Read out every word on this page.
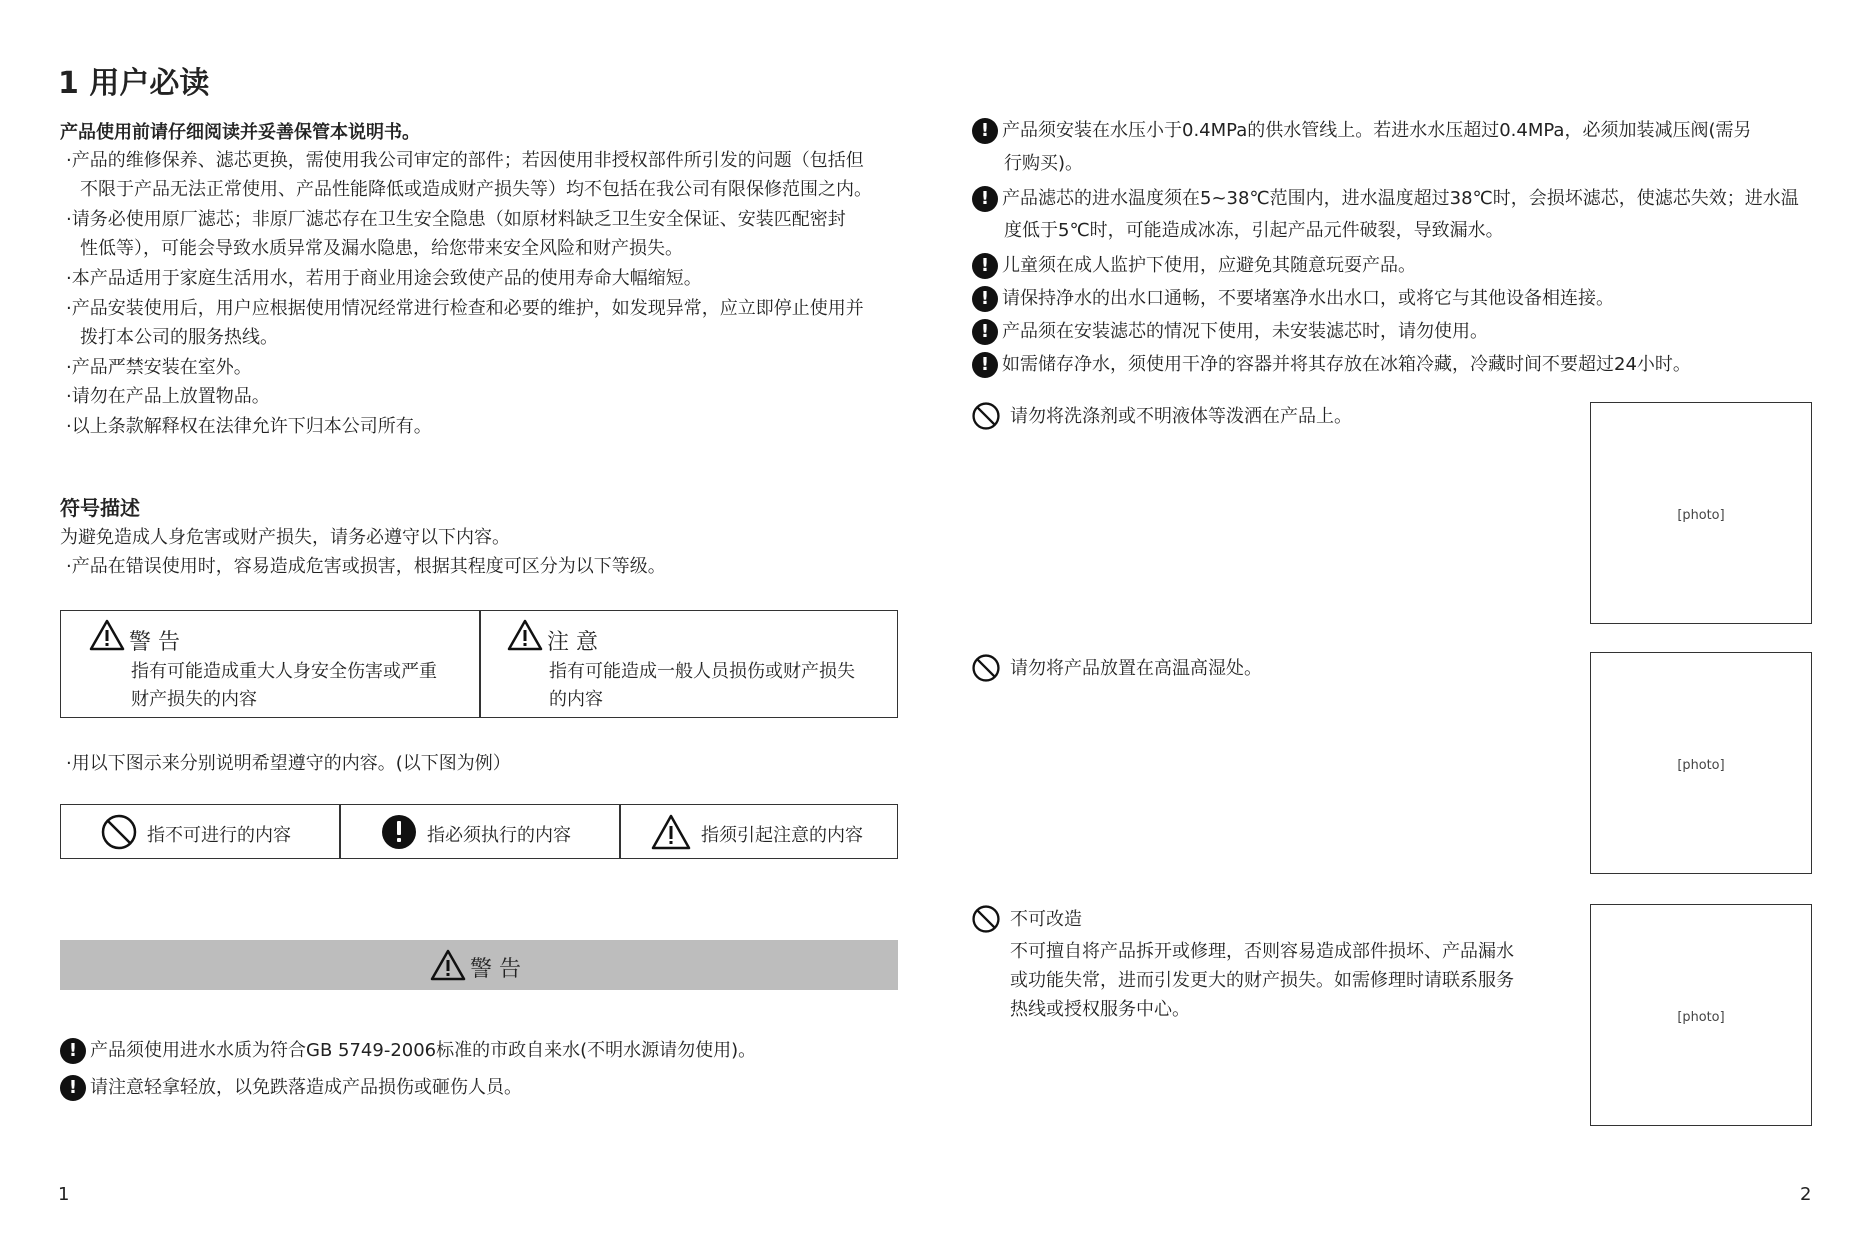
1 用户必读
产品使用前请仔细阅读并妥善保管本说明书。
·产品的维修保养、滤芯更换，需使用我公司审定的部件；若因使用非授权部件所引发的问题（包括但
不限于产品无法正常使用、产品性能降低或造成财产损失等）均不包括在我公司有限保修范围之内。
·请务必使用原厂滤芯；非原厂滤芯存在卫生安全隐患（如原材料缺乏卫生安全保证、安装匹配密封
性低等），可能会导致水质异常及漏水隐患，给您带来安全风险和财产损失。
·本产品适用于家庭生活用水，若用于商业用途会致使产品的使用寿命大幅缩短。
·产品安装使用后，用户应根据使用情况经常进行检查和必要的维护，如发现异常，应立即停止使用并
拨打本公司的服务热线。
·产品严禁安装在室外。
·请勿在产品上放置物品。
·以上条款解释权在法律允许下归本公司所有。
符号描述
为避免造成人身危害或财产损失，请务必遵守以下内容。
·产品在错误使用时，容易造成危害或损害，根据其程度可区分为以下等级。
警 告
指有可能造成重大人身安全伤害或严重
财产损失的内容
注 意
指有可能造成一般人员损伤或财产损失
的内容
·用以下图示来分别说明希望遵守的内容。(以下图为例）
指不可进行的内容	指必须执行的内容	指须引起注意的内容
警 告
! 产品须使用进水水质为符合GB 5749-2006标准的市政自来水(不明水源请勿使用)。
! 请注意轻拿轻放，以免跌落造成产品损伤或砸伤人员。
1
! 产品须安装在水压小于0.4MPa的供水管线上。若进水水压超过0.4MPa，必须加装减压阀(需另
行购买)。
! 产品滤芯的进水温度须在5~38℃范围内，进水温度超过38℃时，会损坏滤芯，使滤芯失效；进水温
度低于5℃时，可能造成冰冻，引起产品元件破裂，导致漏水。
! 儿童须在成人监护下使用，应避免其随意玩耍产品。
! 请保持净水的出水口通畅，不要堵塞净水出水口，或将它与其他设备相连接。
! 产品须在安装滤芯的情况下使用，未安装滤芯时，请勿使用。
! 如需储存净水，须使用干净的容器并将其存放在冰箱冷藏，冷藏时间不要超过24小时。
请勿将洗涤剂或不明液体等泼洒在产品上。
[photo]
请勿将产品放置在高温高湿处。
[photo]
不可改造
不可擅自将产品拆开或修理，否则容易造成部件损坏、产品漏水
或功能失常，进而引发更大的财产损失。如需修理时请联系服务
热线或授权服务中心。	[photo]
2
